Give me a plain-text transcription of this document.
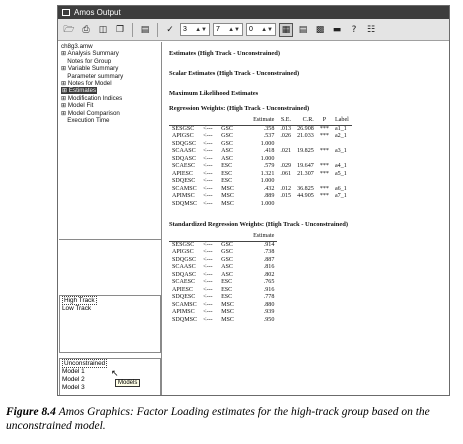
Amos Output
🗁 ⎙	◫ ❐	▤	✓	3 ▲▼ 7 ▲▼ 0 ▲▼ ▦ ▤ ▩ ▬	?	☷
ch8g3.amw
⊞ Analysis Summary
 Notes for Group
⊞ Variable Summary
 Parameter summary
⊞ Notes for Model
⊞ Estimates
⊞ Modification Indices
⊞ Model Fit
⊞ Model Comparison
 Execution Time
High Track
Low Track
Unconstrained
Model 1
Model 2
Model 3
↖
Models
Estimates (High Track - Unconstrained)
Scalar Estimates (High Track - Unconstrained)
Maximum Likelihood Estimates
Regression Weights: (High Track - Unconstrained)
			Estimate	S.E.	C.R.	P	Label
SESGSC	<---	GSC	.358	.013	26.908	***	a1_1
APIGSC	<---	GSC	.537	.026	21.033	***	a2_1
SDQGSC	<---	GSC	1.000				
SCAASC	<---	ASC	.418	.021	19.825	***	a3_1
SDQASC	<---	ASC	1.000				
SCAESC	<---	ESC	.579	.029	19.647	***	a4_1
APIESC	<---	ESC	1.321	.061	21.307	***	a5_1
SDQESC	<---	ESC	1.000				
SCAMSC	<---	MSC	.432	.012	36.825	***	a6_1
APIMSC	<---	MSC	.889	.015	44.905	***	a7_1
SDQMSC	<---	MSC	1.000				
Standardized Regression Weights: (High Track - Unconstrained)
			Estimate
SESGSC	<---	GSC	.914
APIGSC	<---	GSC	.738
SDQGSC	<---	GSC	.887
SCAASC	<---	ASC	.816
SDQASC	<---	ASC	.802
SCAESC	<---	ESC	.765
APIESC	<---	ESC	.916
SDQESC	<---	ESC	.778
SCAMSC	<---	MSC	.880
APIMSC	<---	MSC	.939
SDQMSC	<---	MSC	.950
Figure 8.4 Amos Graphics: Factor Loading estimates for the high-track group based on the unconstrained model.
